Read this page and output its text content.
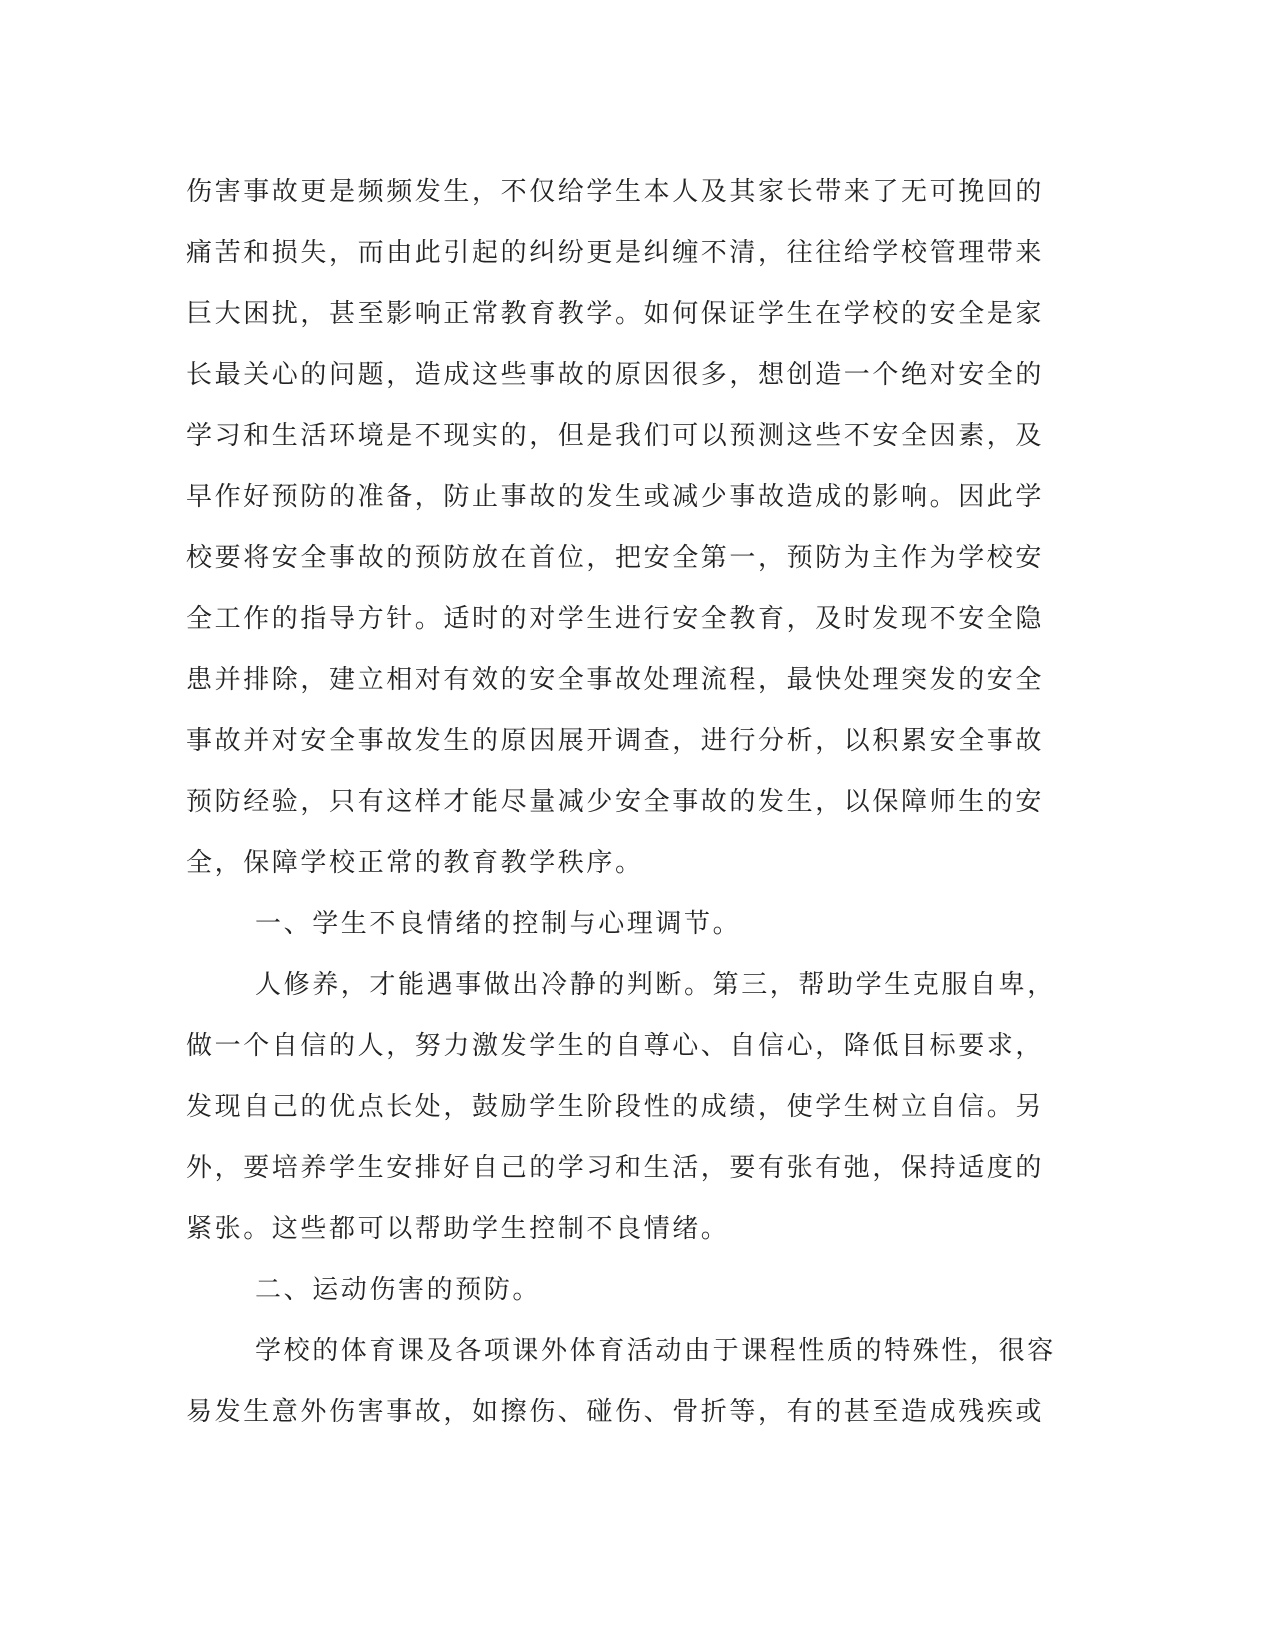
伤害事故更是频频发生，不仅给学生本人及其家长带来了无可挽回的
痛苦和损失，而由此引起的纠纷更是纠缠不清，往往给学校管理带来
巨大困扰，甚至影响正常教育教学。如何保证学生在学校的安全是家
长最关心的问题，造成这些事故的原因很多，想创造一个绝对安全的
学习和生活环境是不现实的，但是我们可以预测这些不安全因素，及
早作好预防的准备，防止事故的发生或减少事故造成的影响。因此学
校要将安全事故的预防放在首位，把安全第一，预防为主作为学校安
全工作的指导方针。适时的对学生进行安全教育，及时发现不安全隐
患并排除，建立相对有效的安全事故处理流程，最快处理突发的安全
事故并对安全事故发生的原因展开调查，进行分析，以积累安全事故
预防经验，只有这样才能尽量减少安全事故的发生，以保障师生的安
全，保障学校正常的教育教学秩序。
一、学生不良情绪的控制与心理调节。
人修养，才能遇事做出冷静的判断。第三，帮助学生克服自卑，
做一个自信的人，努力激发学生的自尊心、自信心，降低目标要求，
发现自己的优点长处，鼓励学生阶段性的成绩，使学生树立自信。另
外，要培养学生安排好自己的学习和生活，要有张有弛，保持适度的
紧张。这些都可以帮助学生控制不良情绪。
二、运动伤害的预防。
学校的体育课及各项课外体育活动由于课程性质的特殊性，很容
易发生意外伤害事故，如擦伤、碰伤、骨折等，有的甚至造成残疾或
